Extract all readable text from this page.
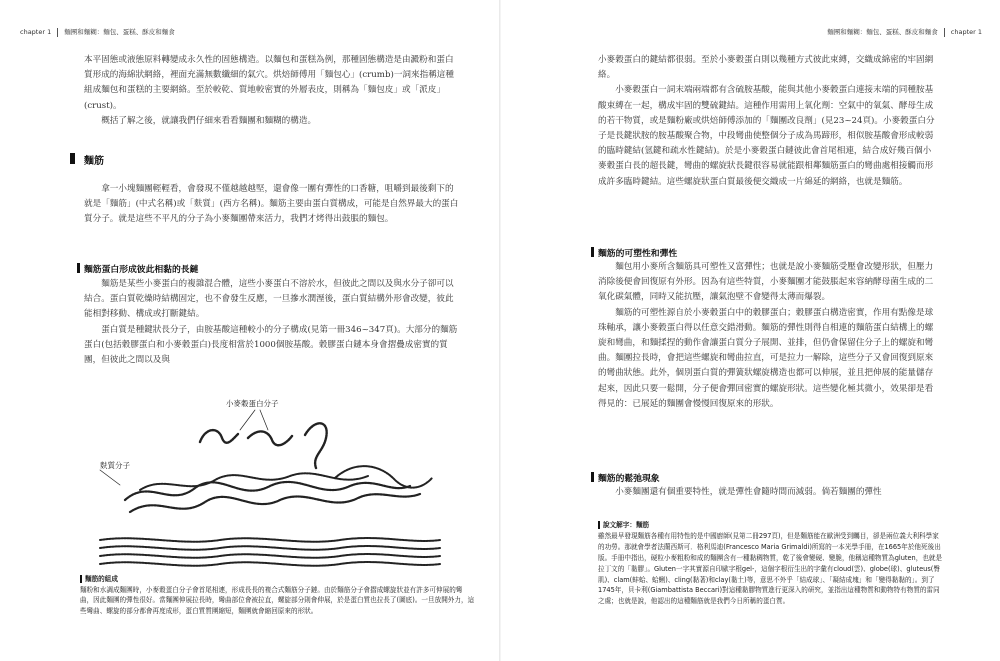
chapter 1 麵團和麵糊：麵包、蛋糕、酥皮和麵食

本平固態或液態原料轉變成永久性的固態構造。以麵包和蛋糕為例，那種固態構造是由澱粉和蛋白質形成的海綿狀網絡，裡面充滿無數纖細的氣穴。烘焙師傅用「麵包心」(crumb)一詞來指稱這種組成麵包和蛋糕的主要網絡。至於較乾、質地較密實的外層表皮，則稱為「麵包皮」或「派皮」(crust)。

概括了解之後，就讓我們仔細來看看麵團和麵糊的構造。

麵筋

拿一小塊麵團輕輕看，會發現不僅越越越堅，還會像一團有彈性的口香糖，咀嚼到最後剩下的就是「麵筋」(中式名稱)或「麩質」(西方名稱)。麵筋主要由蛋白質構成，可能是自然界最大的蛋白質分子。就是這些不平凡的分子為小麥麵團帶來活力，我們才烤得出鼓脹的麵包。

麵筋蛋白形成彼此相黏的長鏈

麵筋是某些小麥蛋白的複雜混合體，這些小麥蛋白不溶於水，但彼此之間以及與水分子卻可以結合。蛋白質乾燥時結構固定，也不會發生反應，一旦摻水潤溼後，蛋白質結構外形會改變，彼此能相對移動、構成或打斷鍵結。

蛋白質是種鍵狀長分子，由胺基酸這種較小的分子構成(見第一冊346~347頁)。大部分的麵筋蛋白(包括穀膠蛋白和小麥穀蛋白)長度相當於1000個胺基酸。穀膠蛋白鏈本身會摺疊成密實的質團，但彼此之間以及與

小麥穀蛋白分子
麩質分子
麵筋的組成
麵粉和水調成麵團時，小麥穀蛋白分子會首尾相連，形成長長的複合式麵筋分子鏈。由於麵筋分子會摺成螺旋狀並有許多可伸展的彎曲，因此麵團的彈性很好。當麵團伸展拉長時，彎曲部位會被拉直，螺旋部分則會伸展，於是蛋白質也拉長了(圖底)。一旦放開外力，這些彎曲、螺旋的部分都會再度成形，蛋白質質團縮短，麵團就會縮回原來的形狀。
麵團和麵糊：麵包、蛋糕、酥皮和麵食 chapter 1

小麥穀蛋白的鍵結都很弱。至於小麥穀蛋白則以幾種方式彼此束縛，交織成綿密的牢固網絡。

小麥穀蛋白一詞末端兩端都有含硫胺基酸，能與其他小麥穀蛋白連接末端的同種胺基酸束縛在一起，構成牢固的雙硫鍵結。這種作用需用上氧化劑：空氣中的氧氣、酵母生成的若干物質，或是麵粉廠或烘焙師傅添加的「麵團改良劑」(見23~24頁)。小麥穀蛋白分子是長鍵狀胺的胺基酸聚合物，中段彎曲使整個分子成為馬蹄形，相似胺基酸會形成較弱的臨時鍵結(氫鍵和疏水性鍵結)。於是小麥穀蛋白鏈彼此會首尾相連，結合成好幾百個小麥穀蛋白長的超長鍵，彎曲的螺旋狀長鍵很容易就能跟相鄰麵筋蛋白的彎曲處相接觸而形成許多臨時鍵結。這些螺旋狀蛋白質最後便交織成一片綿延的網絡，也就是麵筋。

麵筋的可塑性和彈性

麵包用小麥所含麵筋具可塑性又富彈性；也就是說小麥麵筋受壓會改變形狀，但壓力消除後便會回復原有外形。因為有這些特質，小麥麵團才能鼓脹起來容納酵母菌生成的二氧化碳氣體，同時又能抗壓，讓氣泡壁不會變得太薄而爆裂。

麵筋的可塑性源自於小麥穀蛋白中的穀膠蛋白；穀膠蛋白構造密實，作用有點像是球珠軸承，讓小麥穀蛋白得以任意交錯滑動。麵筋的彈性則得自相連的麵筋蛋白結構上的螺旋和彎曲，和麵揉捏的動作會讓蛋白質分子展開、並排，但仍會保留住分子上的螺旋和彎曲。麵團拉長時，會把這些螺旋和彎曲拉直，可是拉力一解除，這些分子又會回復到原來的彎曲狀態。此外，個別蛋白質的彈簧狀螺旋構造也都可以伸展，並且把伸展的能量儲存起來，因此只要一鬆開，分子便會彈回密實的螺旋形狀。這些變化極其微小，效果卻是看得見的：已展延的麵團會慢慢回復原來的形狀。

麵筋的鬆弛現象

小麥麵團還有個重要特性，就是彈性會隨時間而減弱。倘若麵團的彈性

說文解字：麵筋
雖然最早發現麵筋各種有用特性的是中國廚師(見第二冊297頁)，但是麵筋能在歐洲受到矚目，卻是兩位義大利科學家的功勞。那就會學者法蘭西斯可．格利馬迪(Francesco Maria Grimaldi)所寫的一本光學手冊，在1665年於他死後出版。手冊中指出，硬粒小麥粗粉和成的麵團含有一種黏稠物質，乾了後會變硬、變脆，他稱這種物質為gluten，也就是拉丁文的「黏膠」。Gluten一字其實源自印歐字根gel-，這個字根衍生出的字彙有cloud(雲)、globe(球)、gluteus(臀肌)、clam(蚌蛤、蛤蜊)、cling(黏著)和clay(黏土)等，意思不外乎「結成球」、「凝結成塊」和「變得黏黏的」。到了1745年，貝卡利(Giambattista Beccari)對這種黏膠物質進行更深入的研究，並指出這種物質和動物特有物質的雷同之處；也就是說，他認出的這種麵筋就是我們今日所稱的蛋白質。
